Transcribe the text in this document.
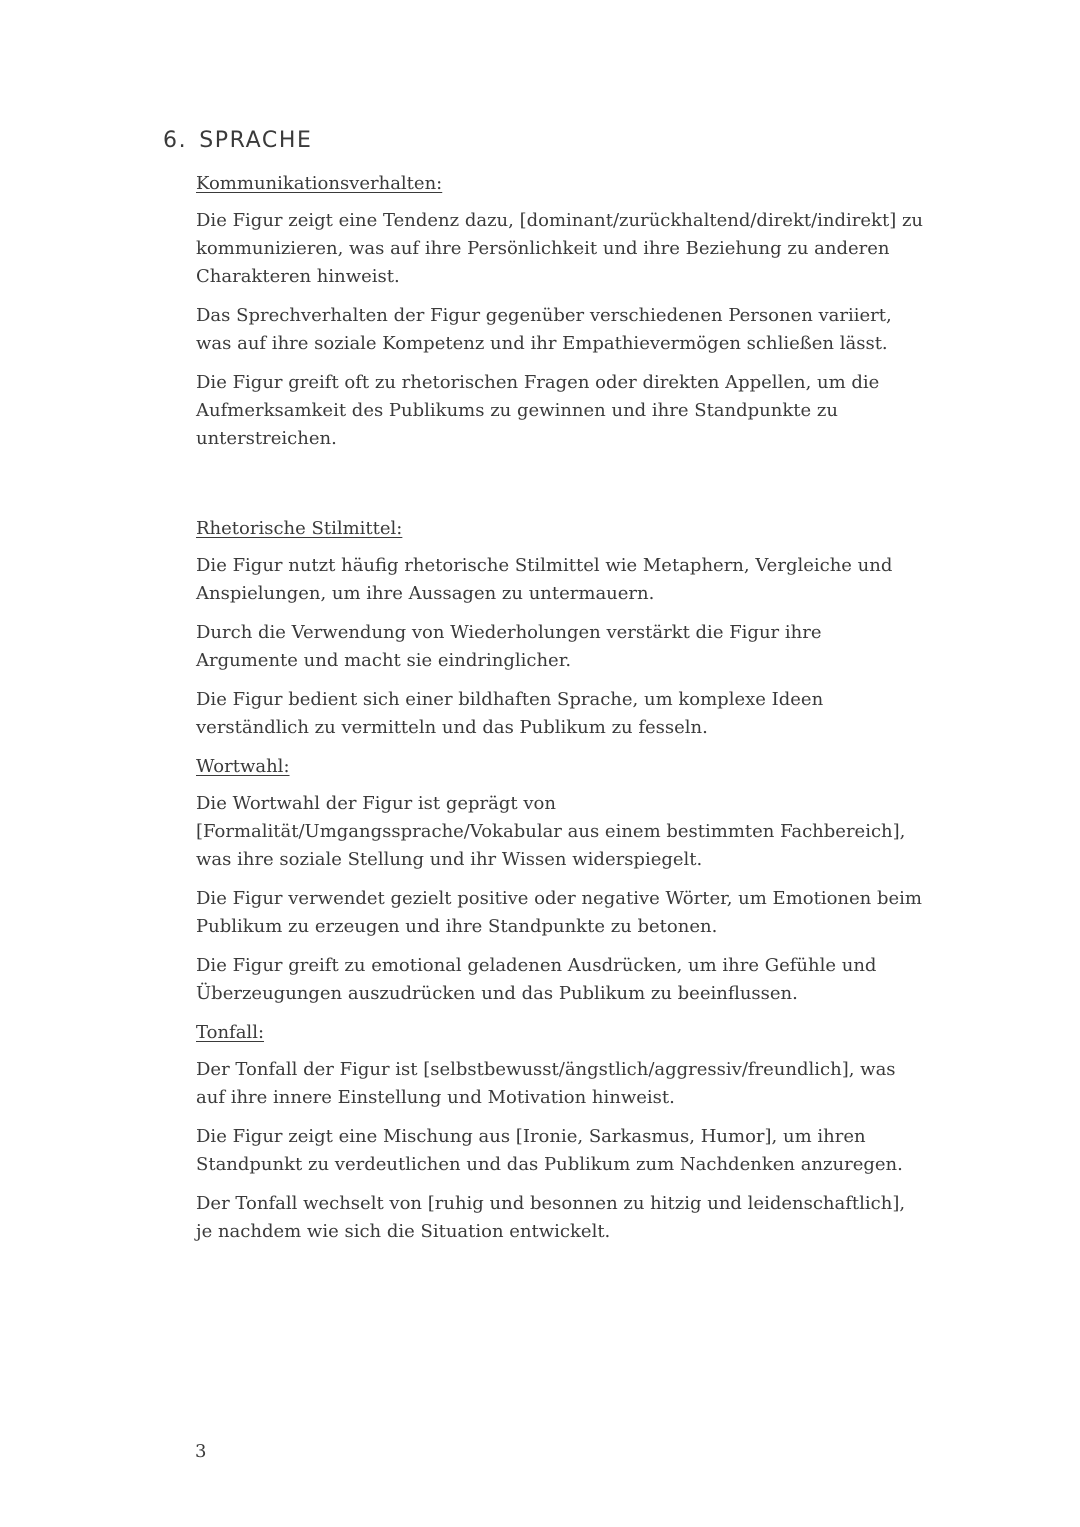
6. SPRACHE
Kommunikationsverhalten:

Die Figur zeigt eine Tendenz dazu, [dominant/zurückhaltend/direkt/indirekt] zu kommunizieren, was auf ihre Persönlichkeit und ihre Beziehung zu anderen Charakteren hinweist.

Das Sprechverhalten der Figur gegenüber verschiedenen Personen variiert, was auf ihre soziale Kompetenz und ihr Empathievermögen schließen lässt.

Die Figur greift oft zu rhetorischen Fragen oder direkten Appellen, um die Aufmerksamkeit des Publikums zu gewinnen und ihre Standpunkte zu unterstreichen.

Rhetorische Stilmittel:

Die Figur nutzt häufig rhetorische Stilmittel wie Metaphern, Vergleiche und Anspielungen, um ihre Aussagen zu untermauern.

Durch die Verwendung von Wiederholungen verstärkt die Figur ihre Argumente und macht sie eindringlicher.

Die Figur bedient sich einer bildhaften Sprache, um komplexe Ideen verständlich zu vermitteln und das Publikum zu fesseln.

Wortwahl:

Die Wortwahl der Figur ist geprägt von [Formalität/Umgangssprache/Vokabular aus einem bestimmten Fachbereich], was ihre soziale Stellung und ihr Wissen widerspiegelt.

Die Figur verwendet gezielt positive oder negative Wörter, um Emotionen beim Publikum zu erzeugen und ihre Standpunkte zu betonen.

Die Figur greift zu emotional geladenen Ausdrücken, um ihre Gefühle und Überzeugungen auszudrücken und das Publikum zu beeinflussen.

Tonfall:

Der Tonfall der Figur ist [selbstbewusst/ängstlich/aggressiv/freundlich], was auf ihre innere Einstellung und Motivation hinweist.

Die Figur zeigt eine Mischung aus [Ironie, Sarkasmus, Humor], um ihren Standpunkt zu verdeutlichen und das Publikum zum Nachdenken anzuregen.

Der Tonfall wechselt von [ruhig und besonnen zu hitzig und leidenschaftlich], je nachdem wie sich die Situation entwickelt.

3
